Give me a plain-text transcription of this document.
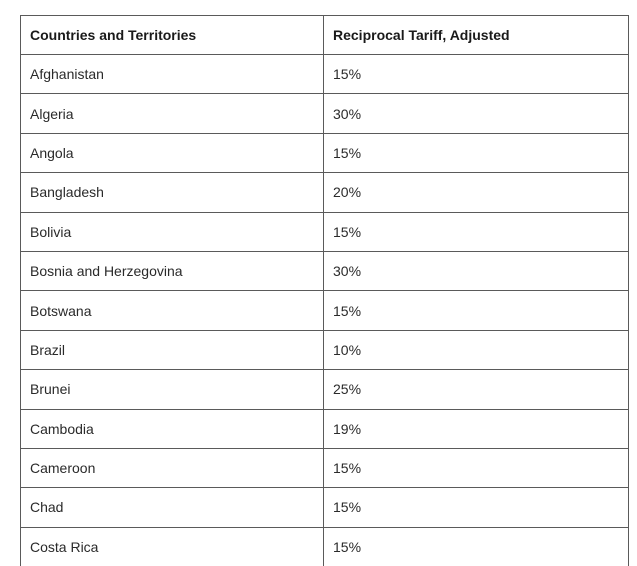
Countries and Territories	Reciprocal Tariff, Adjusted
Afghanistan	15%
Algeria	30%
Angola	15%
Bangladesh	20%
Bolivia	15%
Bosnia and Herzegovina	30%
Botswana	15%
Brazil	10%
Brunei	25%
Cambodia	19%
Cameroon	15%
Chad	15%
Costa Rica	15%
